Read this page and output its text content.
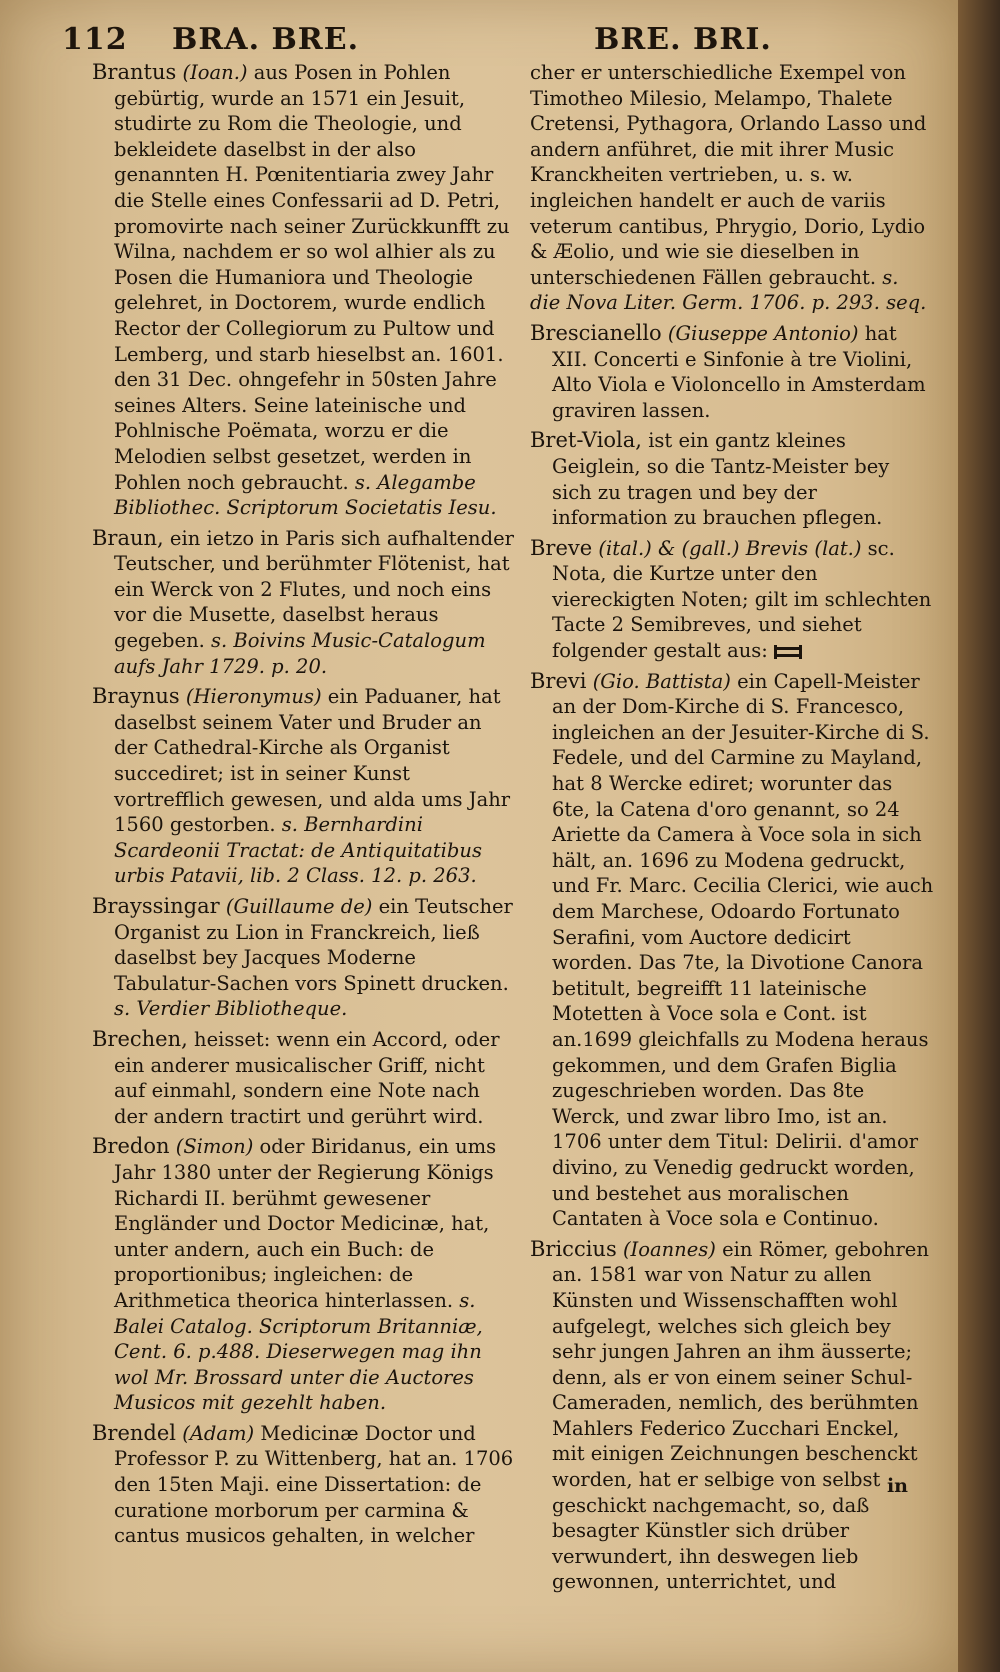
112 BRA. BRE.	BRE. BRI.

Brantus (Ioan.) aus Posen in Pohlen gebürtig, wurde an 1571 ein Jesuit, studirte zu Rom die Theologie, und bekleidete daselbst in der also genannten H. Pœnitentiaria zwey Jahr die Stelle eines Confessarii ad D. Petri, promovirte nach seiner Zurückkunfft zu Wilna, nachdem er so wol alhier als zu Posen die Humaniora und Theologie gelehret, in Doctorem, wurde endlich Rector der Collegiorum zu Pultow und Lemberg, und starb hieselbst an. 1601. den 31 Dec. ohngefehr in 50sten Jahre seines Alters. Seine lateinische und Pohlnische Poëmata, worzu er die Melodien selbst gesetzet, werden in Pohlen noch gebraucht. s. Alegambe Bibliothec. Scriptorum Societatis Iesu.

Braun, ein ietzo in Paris sich aufhaltender Teutscher, und berühmter Flötenist, hat ein Werck von 2 Flutes, und noch eins vor die Musette, daselbst heraus gegeben. s. Boivins Music-Catalogum aufs Jahr 1729. p. 20.

Braynus (Hieronymus) ein Paduaner, hat daselbst seinem Vater und Bruder an der Cathedral-Kirche als Organist succediret; ist in seiner Kunst vortrefflich gewesen, und alda ums Jahr 1560 gestorben. s. Bernhardini Scardeonii Tractat: de Antiquitatibus urbis Patavii, lib. 2 Class. 12. p. 263.

Brayssingar (Guillaume de) ein Teutscher Organist zu Lion in Franckreich, ließ daselbst bey Jacques Moderne Tabulatur-Sachen vors Spinett drucken. s. Verdier Bibliotheque.

Brechen, heisset: wenn ein Accord, oder ein anderer musicalischer Griff, nicht auf einmahl, sondern eine Note nach der andern tractirt und gerührt wird.

Bredon (Simon) oder Biridanus, ein ums Jahr 1380 unter der Regierung Königs Richardi II. berühmt gewesener Engländer und Doctor Medicinæ, hat, unter andern, auch ein Buch: de proportionibus; ingleichen: de Arithmetica theorica hinterlassen. s. Balei Catalog. Scriptorum Britanniæ, Cent. 6. p.488. Dieserwegen mag ihn wol Mr. Brossard unter die Auctores Musicos mit gezehlt haben.

Brendel (Adam) Medicinæ Doctor und Professor P. zu Wittenberg, hat an. 1706 den 15ten Maji. eine Dissertation: de curatione morborum per carmina & cantus musicos gehalten, in welcher

cher er unterschiedliche Exempel von Timotheo Milesio, Melampo, Thalete Cretensi, Pythagora, Orlando Lasso und andern anführet, die mit ihrer Music Kranckheiten vertrieben, u. s. w. ingleichen handelt er auch de variis veterum cantibus, Phrygio, Dorio, Lydio & Æolio, und wie sie dieselben in unterschiedenen Fällen gebraucht. s. die Nova Liter. Germ. 1706. p. 293. seq.

Brescianello (Giuseppe Antonio) hat XII. Concerti e Sinfonie à tre Violini, Alto Viola e Violoncello in Amsterdam graviren lassen.

Bret-Viola, ist ein gantz kleines Geiglein, so die Tantz-Meister bey sich zu tragen und bey der information zu brauchen pflegen.

Breve (ital.) & (gall.) Brevis (lat.) sc. Nota, die Kurtze unter den viereckigten Noten; gilt im schlechten Tacte 2 Semibreves, und siehet folgender gestalt aus:

Brevi (Gio. Battista) ein Capell-Meister an der Dom-Kirche di S. Francesco, ingleichen an der Jesuiter-Kirche di S. Fedele, und del Carmine zu Mayland, hat 8 Wercke ediret; worunter das 6te, la Catena d'oro genannt, so 24 Ariette da Camera à Voce sola in sich hält, an. 1696 zu Modena gedruckt, und Fr. Marc. Cecilia Clerici, wie auch dem Marchese, Odoardo Fortunato Serafini, vom Auctore dedicirt worden. Das 7te, la Divotione Canora betitult, begreifft 11 lateinische Motetten à Voce sola e Cont. ist an.1699 gleichfalls zu Modena heraus gekommen, und dem Grafen Biglia zugeschrieben worden. Das 8te Werck, und zwar libro Imo, ist an. 1706 unter dem Titul: Delirii. d'amor divino, zu Venedig gedruckt worden, und bestehet aus moralischen Cantaten à Voce sola e Continuo.

Briccius (Ioannes) ein Römer, gebohren an. 1581 war von Natur zu allen Künsten und Wissenschafften wohl aufgelegt, welches sich gleich bey sehr jungen Jahren an ihm äusserte; denn, als er von einem seiner Schul-Cameraden, nemlich, des berühmten Mahlers Federico Zucchari Enckel, mit einigen Zeichnungen beschenckt worden, hat er selbige von selbst geschickt nachgemacht, so, daß besagter Künstler sich drüber verwundert, ihn deswegen lieb gewonnen, unterrichtet, und

in
